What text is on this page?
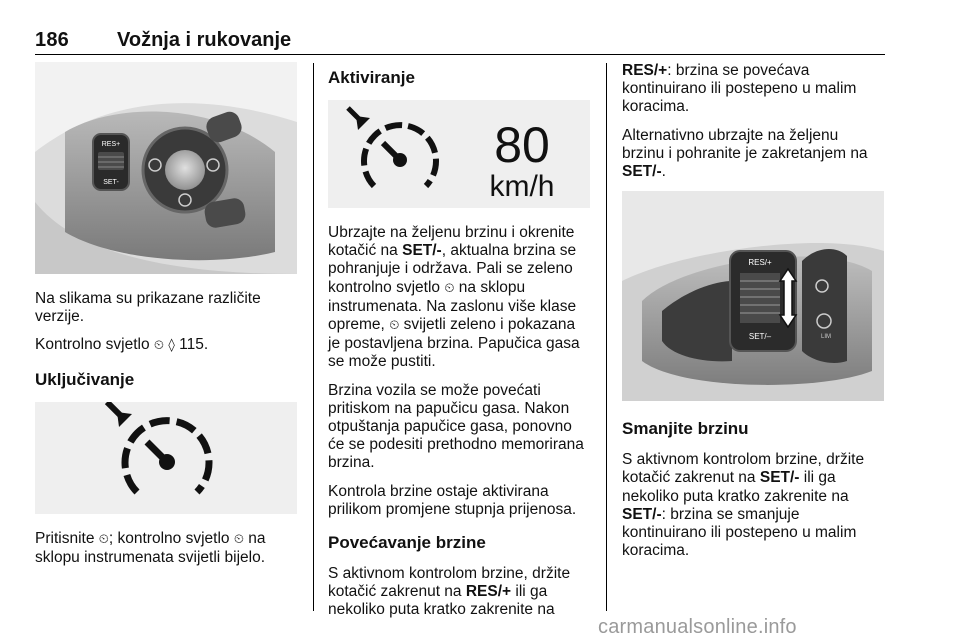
186 Vožnja i rukovanje
RES+
SET-

Na slikama su prikazane različite verzije.

Kontrolno svjetlo ⏲ ◊ 115.

Uključivanje

Pritisnite ⏲; kontrolno svjetlo ⏲ na sklopu instrumenata svijetli bijelo.

Aktiviranje
80
km/h

Ubrzajte na željenu brzinu i okrenite kotačić na SET/-, aktualna brzina se pohranjuje i održava. Pali se zeleno kontrolno svjetlo ⏲ na sklopu instrumenata. Na zaslonu više klase opreme, ⏲ svijetli zeleno i pokazana je postavljena brzina. Papučica gasa se može pustiti.

Brzina vozila se može povećati pritiskom na papučicu gasa. Nakon otpuštanja papučice gasa, ponovno će se podesiti prethodno memorirana brzina.

Kontrola brzine ostaje aktivirana prilikom promjene stupnja prijenosa.

Povećavanje brzine

S aktivnom kontrolom brzine, držite kotačić zakrenut na RES/+ ili ga nekoliko puta kratko zakrenite na

RES/+: brzina se povećava kontinuirano ili postepeno u malim koracima.

Alternativno ubrzajte na željenu brzinu i pohranite je zakretanjem na SET/-.

RES/+
SET/–	LIM
Smanjite brzinu

S aktivnom kontrolom brzine, držite kotačić zakrenut na SET/- ili ga nekoliko puta kratko zakrenite na SET/-: brzina se smanjuje kontinuirano ili postepeno u malim koracima.

carmanualsonline.info
